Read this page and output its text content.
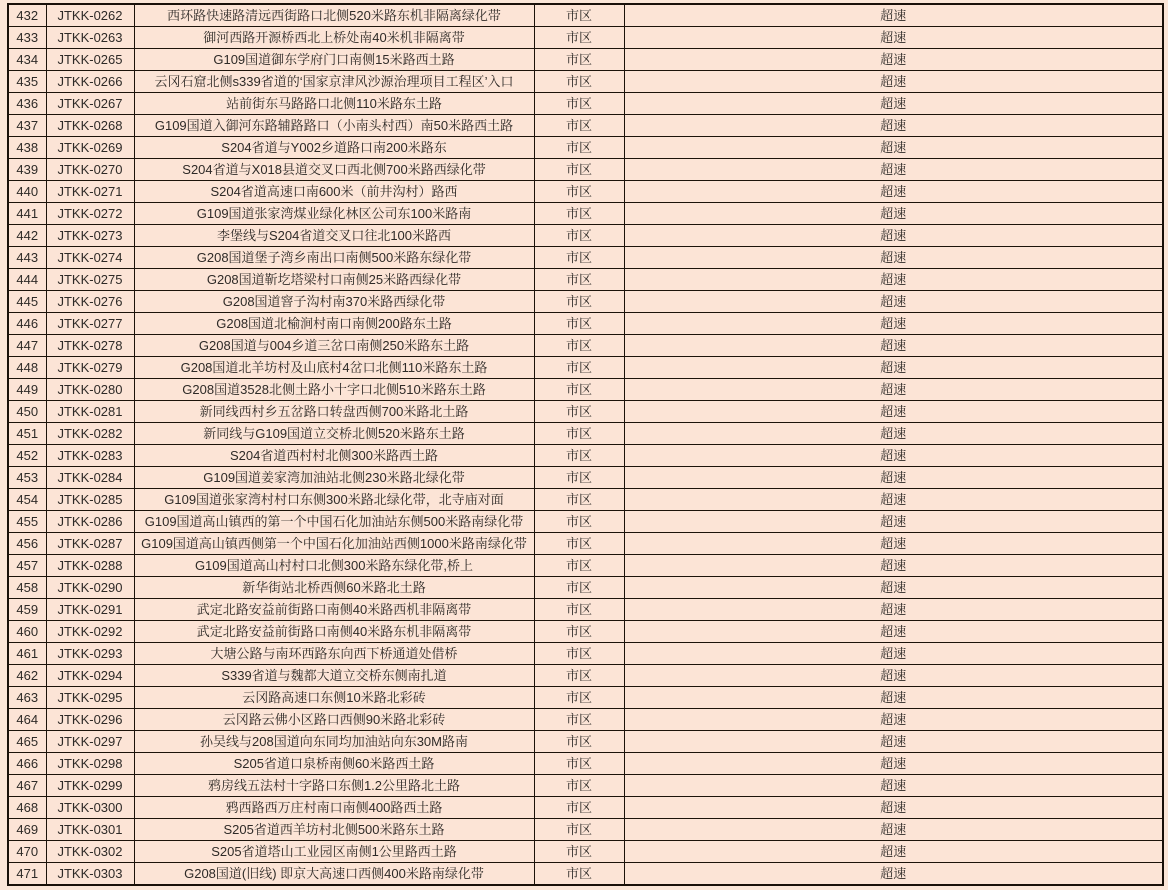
432	JTKK-0262	西环路快速路清远西街路口北侧520米路东机非隔离绿化带	市区	超速
433	JTKK-0263	御河西路开源桥西北上桥处南40米机非隔离带	市区	超速
434	JTKK-0265	G109国道御东学府门口南侧15米路西土路	市区	超速
435	JTKK-0266	云冈石窟北侧s339省道的‘国家京津风沙源治理项目工程区’入口	市区	超速
436	JTKK-0267	站前街东马路路口北侧110米路东土路	市区	超速
437	JTKK-0268	G109国道入御河东路辅路路口（小南头村西）南50米路西土路	市区	超速
438	JTKK-0269	S204省道与Y002乡道路口南200米路东	市区	超速
439	JTKK-0270	S204省道与X018县道交叉口西北侧700米路西绿化带	市区	超速
440	JTKK-0271	S204省道高速口南600米（前井沟村）路西	市区	超速
441	JTKK-0272	G109国道张家湾煤业绿化林区公司东100米路南	市区	超速
442	JTKK-0273	李堡线与S204省道交叉口往北100米路西	市区	超速
443	JTKK-0274	G208国道堡子湾乡南出口南侧500米路东绿化带	市区	超速
444	JTKK-0275	G208国道靳圪塔梁村口南侧25米路西绿化带	市区	超速
445	JTKK-0276	G208国道窨子沟村南370米路西绿化带	市区	超速
446	JTKK-0277	G208国道北榆涧村南口南侧200路东土路	市区	超速
447	JTKK-0278	G208国道与004乡道三岔口南侧250米路东土路	市区	超速
448	JTKK-0279	G208国道北羊坊村及山底村4岔口北侧110米路东土路	市区	超速
449	JTKK-0280	G208国道3528北侧土路小十字口北侧510米路东土路	市区	超速
450	JTKK-0281	新同线西村乡五岔路口转盘西侧700米路北土路	市区	超速
451	JTKK-0282	新同线与G109国道立交桥北侧520米路东土路	市区	超速
452	JTKK-0283	S204省道西村村北侧300米路西土路	市区	超速
453	JTKK-0284	G109国道姜家湾加油站北侧230米路北绿化带	市区	超速
454	JTKK-0285	G109国道张家湾村村口东侧300米路北绿化带，北寺庙对面	市区	超速
455	JTKK-0286	G109国道高山镇西的第一个中国石化加油站东侧500米路南绿化带	市区	超速
456	JTKK-0287	G109国道高山镇西侧第一个中国石化加油站西侧1000米路南绿化带	市区	超速
457	JTKK-0288	G109国道高山村村口北侧300米路东绿化带,桥上	市区	超速
458	JTKK-0290	新华街站北桥西侧60米路北土路	市区	超速
459	JTKK-0291	武定北路安益前街路口南侧40米路西机非隔离带	市区	超速
460	JTKK-0292	武定北路安益前街路口南侧40米路东机非隔离带	市区	超速
461	JTKK-0293	大塘公路与南环西路东向西下桥通道处借桥	市区	超速
462	JTKK-0294	S339省道与魏都大道立交桥东侧南扎道	市区	超速
463	JTKK-0295	云冈路高速口东侧10米路北彩砖	市区	超速
464	JTKK-0296	云冈路云佛小区路口西侧90米路北彩砖	市区	超速
465	JTKK-0297	孙吴线与208国道向东同均加油站向东30M路南	市区	超速
466	JTKK-0298	S205省道口泉桥南侧60米路西土路	市区	超速
467	JTKK-0299	鸦房线五法村十字路口东侧1.2公里路北土路	市区	超速
468	JTKK-0300	鸦西路西万庄村南口南侧400路西土路	市区	超速
469	JTKK-0301	S205省道西羊坊村北侧500米路东土路	市区	超速
470	JTKK-0302	S205省道塔山工业园区南侧1公里路西土路	市区	超速
471	JTKK-0303	G208国道(旧线) 即京大高速口西侧400米路南绿化带	市区	超速
